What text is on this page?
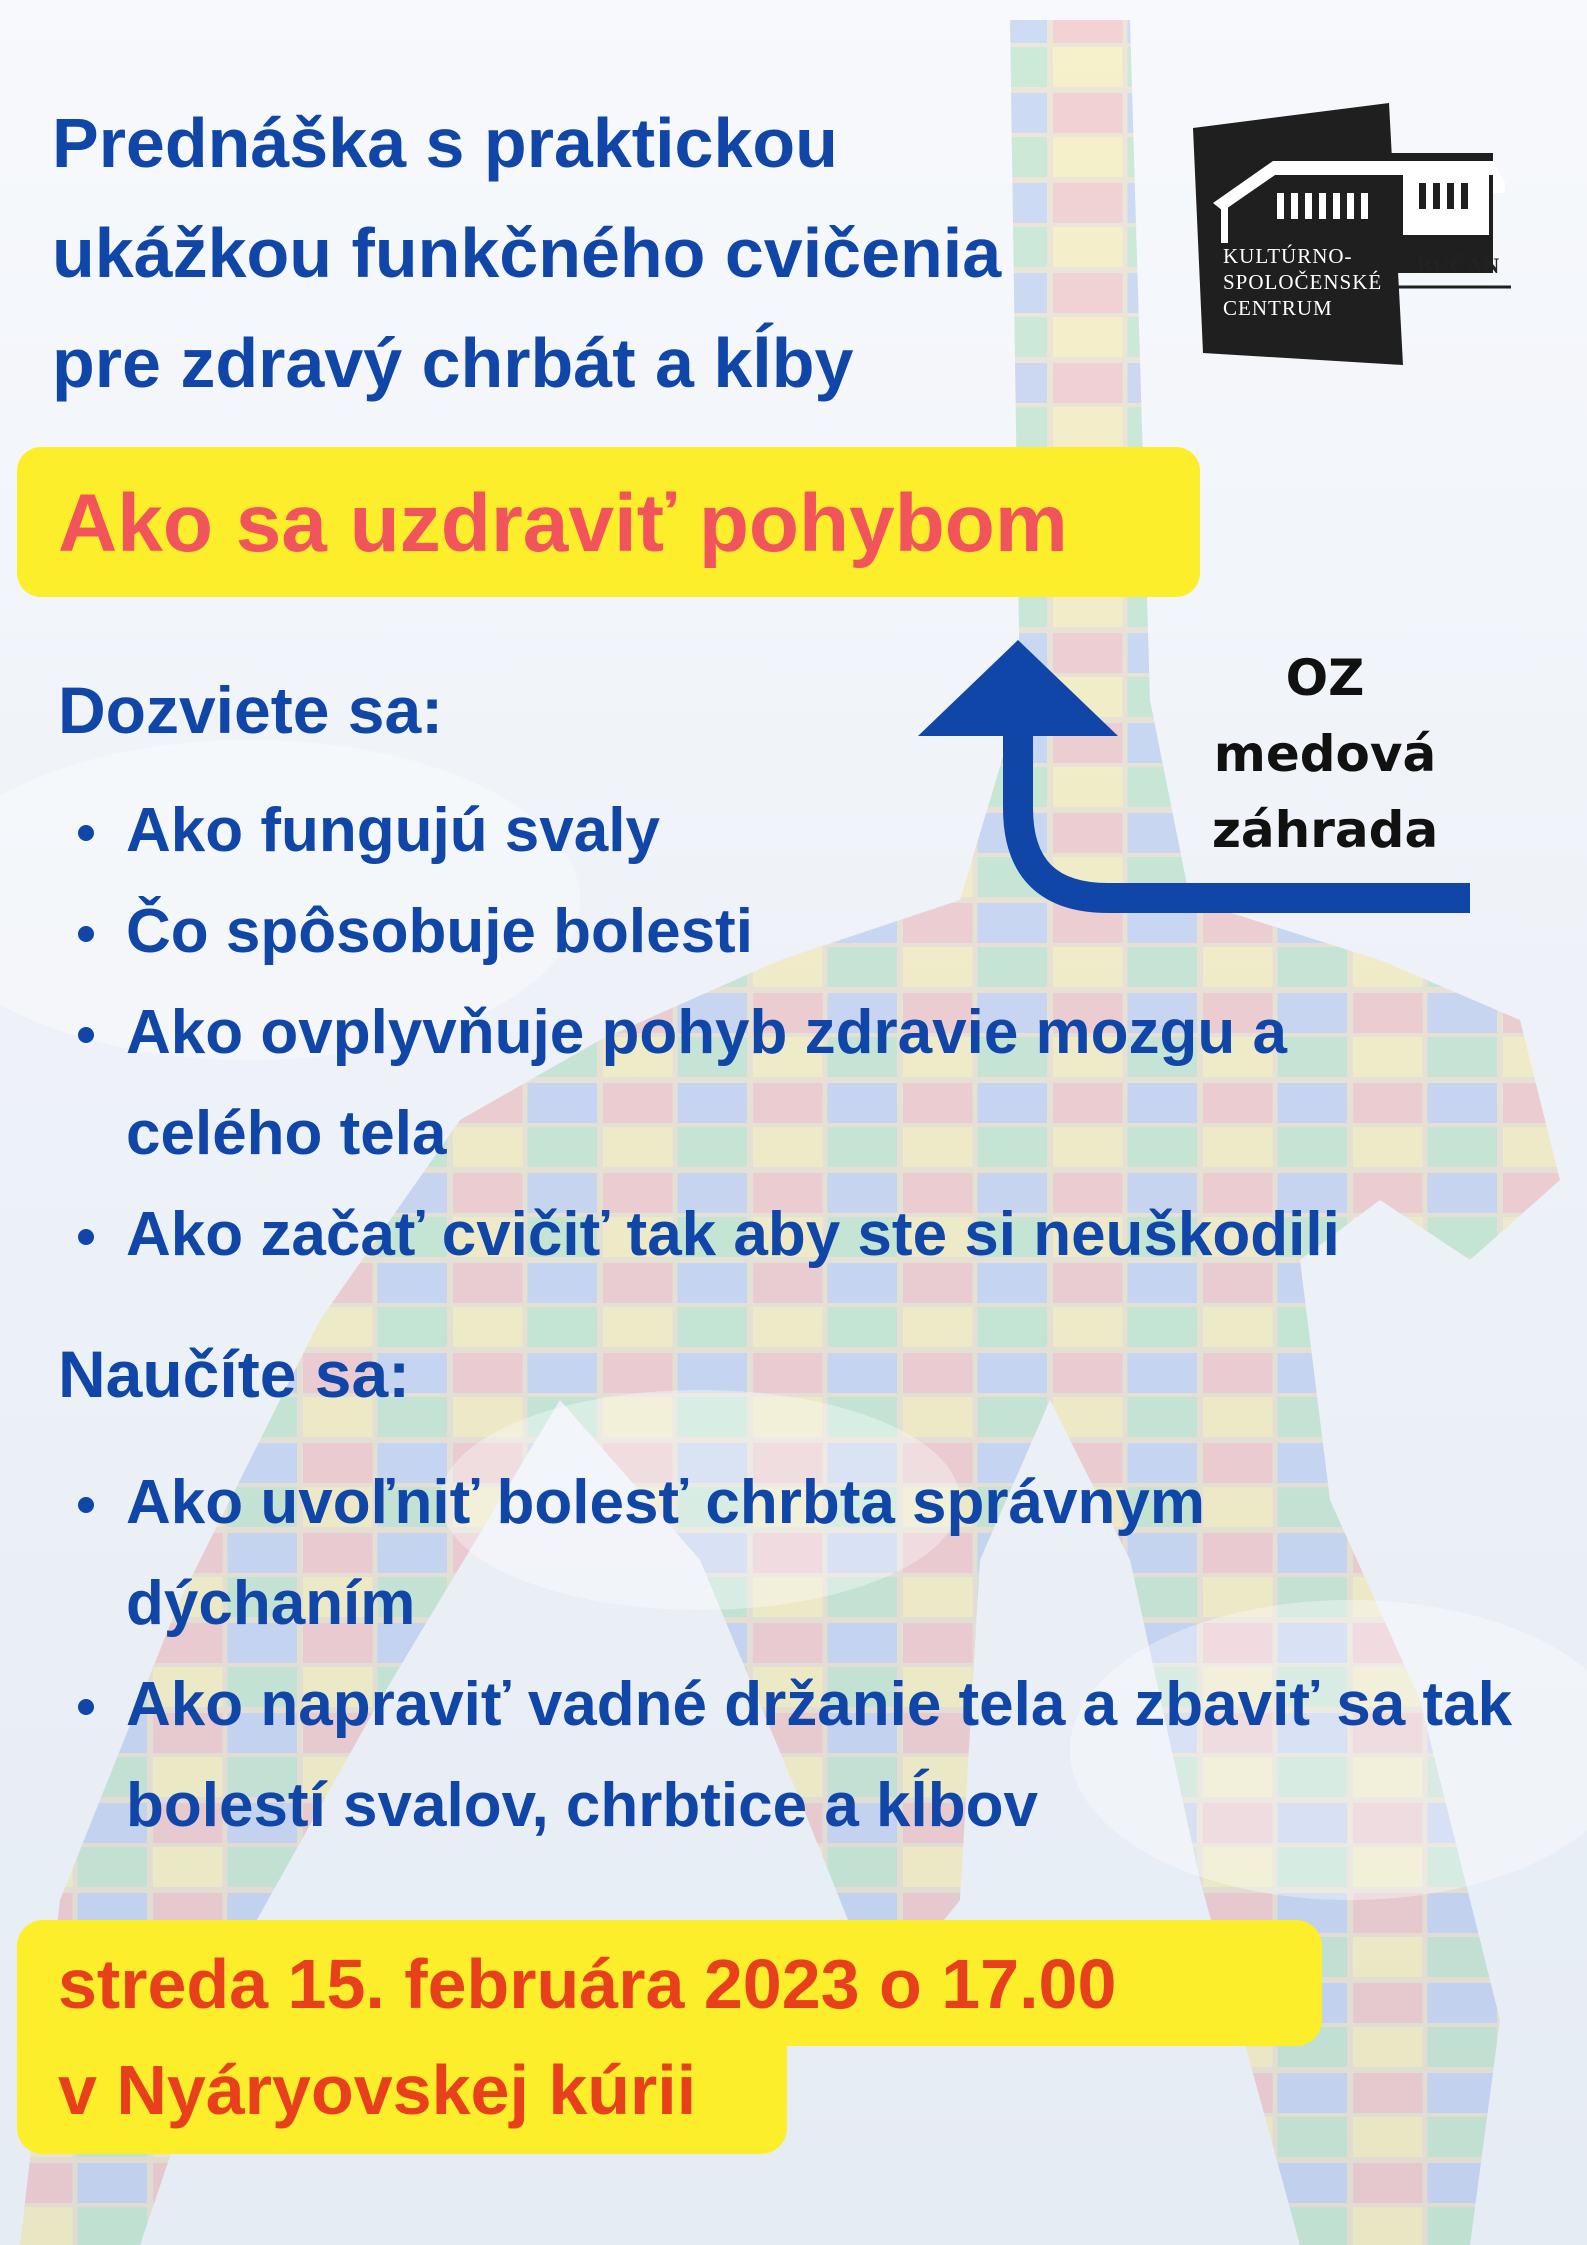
Prednáška s praktickou
ukážkou funkčného cvičenia
pre zdravý chrbát a kĺby
KULTÚRNO-
SPOLOČENSKÉ
CENTRUM
BUČAN
Ako sa uzdraviť pohybom
OZ
medová
záhrada
Dozviete sa:
Ako fungujú svaly
Čo spôsobuje bolesti
Ako ovplyvňuje pohyb zdravie mozgu a celého tela
Ako začať cvičiť tak aby ste si neuškodili
Naučíte sa:
Ako uvoľniť bolesť chrbta správnym dýchaním
Ako napraviť vadné držanie tela a zbaviť sa tak bolestí svalov, chrbtice a kĺbov

streda 15. februára 2023 o 17.00

v Nyáryovskej kúrii
